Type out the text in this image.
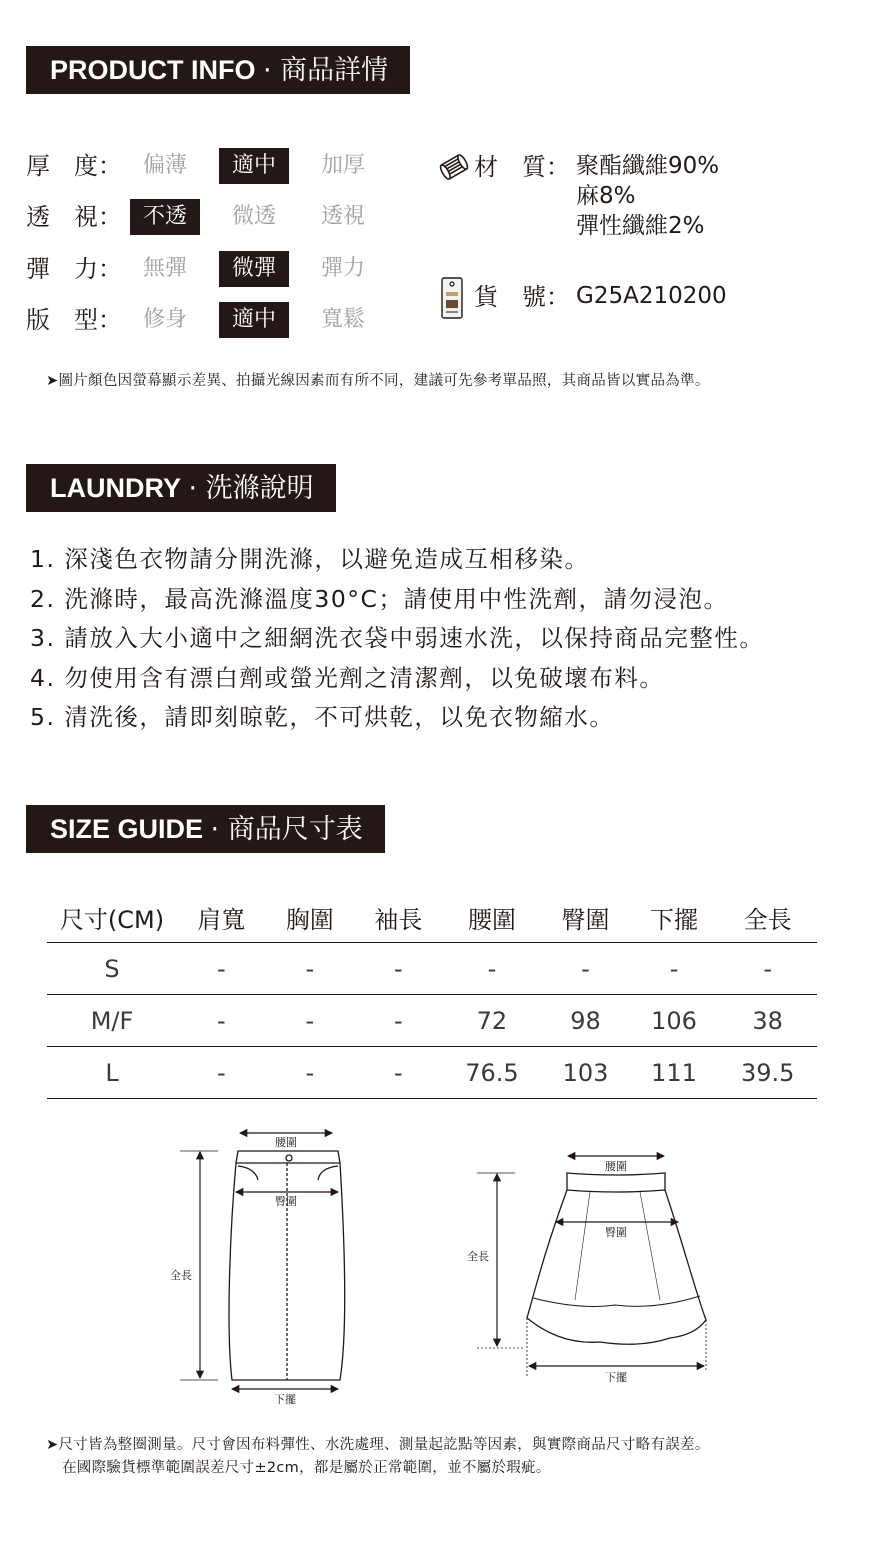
PRODUCT INFO · 商品詳情
厚　度： 偏薄	適中	加厚
透　視： 不透	微透	透視
彈　力： 無彈	微彈	彈力
版　型： 修身	適中	寬鬆
材　質： 聚酯纖維90%
麻8%
彈性纖維2%
貨　號： G25A210200
➤圖片顏色因螢幕顯示差異、拍攝光線因素而有所不同，建議可先參考單品照，其商品皆以實品為準。
LAUNDRY · 洗滌說明
1. 深淺色衣物請分開洗滌，以避免造成互相移染。
2. 洗滌時，最高洗滌溫度30°C；請使用中性洗劑，請勿浸泡。
3. 請放入大小適中之細網洗衣袋中弱速水洗，以保持商品完整性。
4. 勿使用含有漂白劑或螢光劑之清潔劑，以免破壞布料。
5. 清洗後，請即刻晾乾，不可烘乾，以免衣物縮水。
SIZE GUIDE · 商品尺寸表
尺寸(CM)	肩寬	胸圍	袖長	腰圍	臀圍	下擺	全長
S	-	-	-	-	-	-	-
M/F	-	-	-	72	98	106	38
L	-	-	-	76.5	103	111	39.5
腰圍
臀圍
全長
下擺
腰圍
臀圍
全長
下擺
➤尺寸皆為整圈測量。尺寸會因布料彈性、水洗處理、測量起訖點等因素，與實際商品尺寸略有誤差。
在國際驗貨標準範圍誤差尺寸±2cm，都是屬於正常範圍，並不屬於瑕疵。
